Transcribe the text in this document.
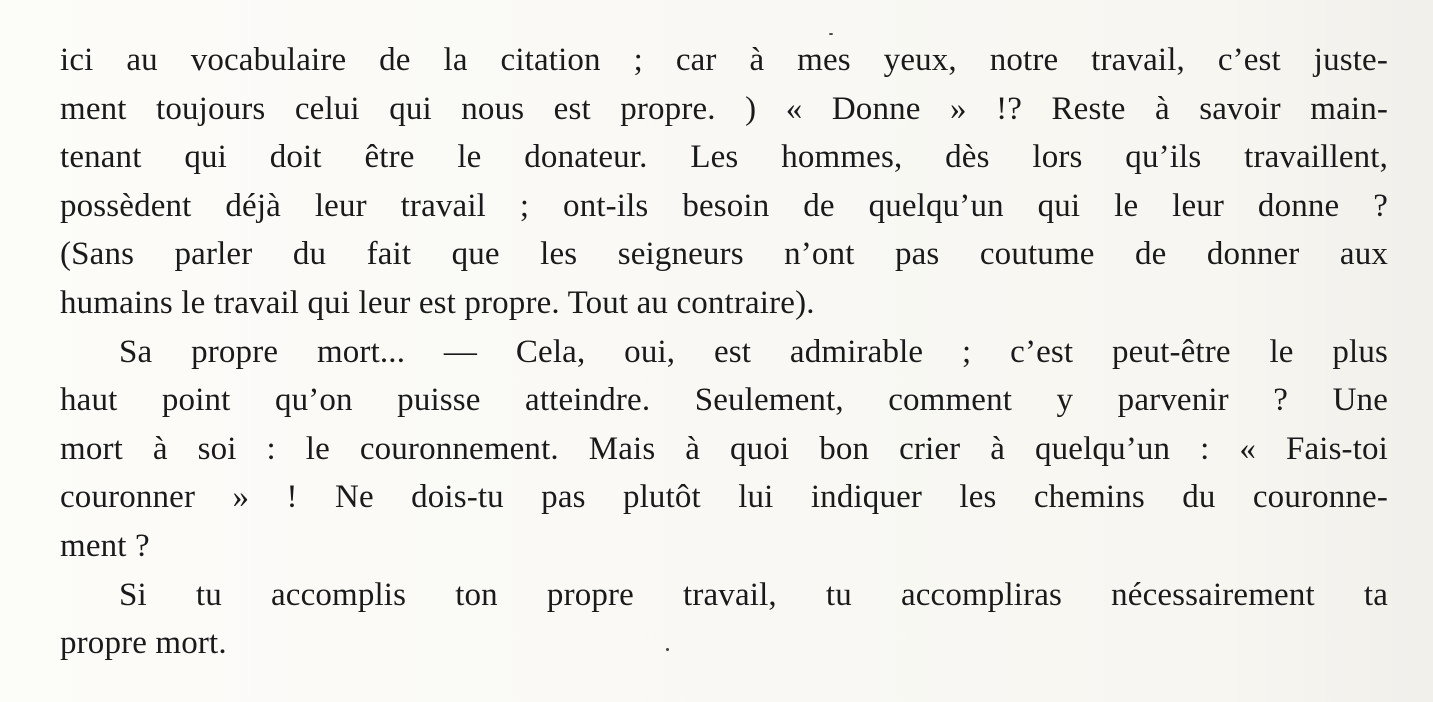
ici au vocabulaire de la citation ; car à mes yeux, notre travail, c’est juste-
ment toujours celui qui nous est propre. ) « Donne » !? Reste à savoir main-
tenant qui doit être le donateur. Les hommes, dès lors qu’ils travaillent,
possèdent déjà leur travail ; ont-ils besoin de quelqu’un qui le leur donne ?
(Sans parler du fait que les seigneurs n’ont pas coutume de donner aux
humains le travail qui leur est propre. Tout au contraire).
Sa propre mort... — Cela, oui, est admirable ; c’est peut-être le plus
haut point qu’on puisse atteindre. Seulement, comment y parvenir ? Une
mort à soi : le couronnement. Mais à quoi bon crier à quelqu’un : « Fais-toi
couronner » ! Ne dois-tu pas plutôt lui indiquer les chemins du couronne-
ment ?
Si tu accomplis ton propre travail, tu accompliras nécessairement ta
propre mort.
